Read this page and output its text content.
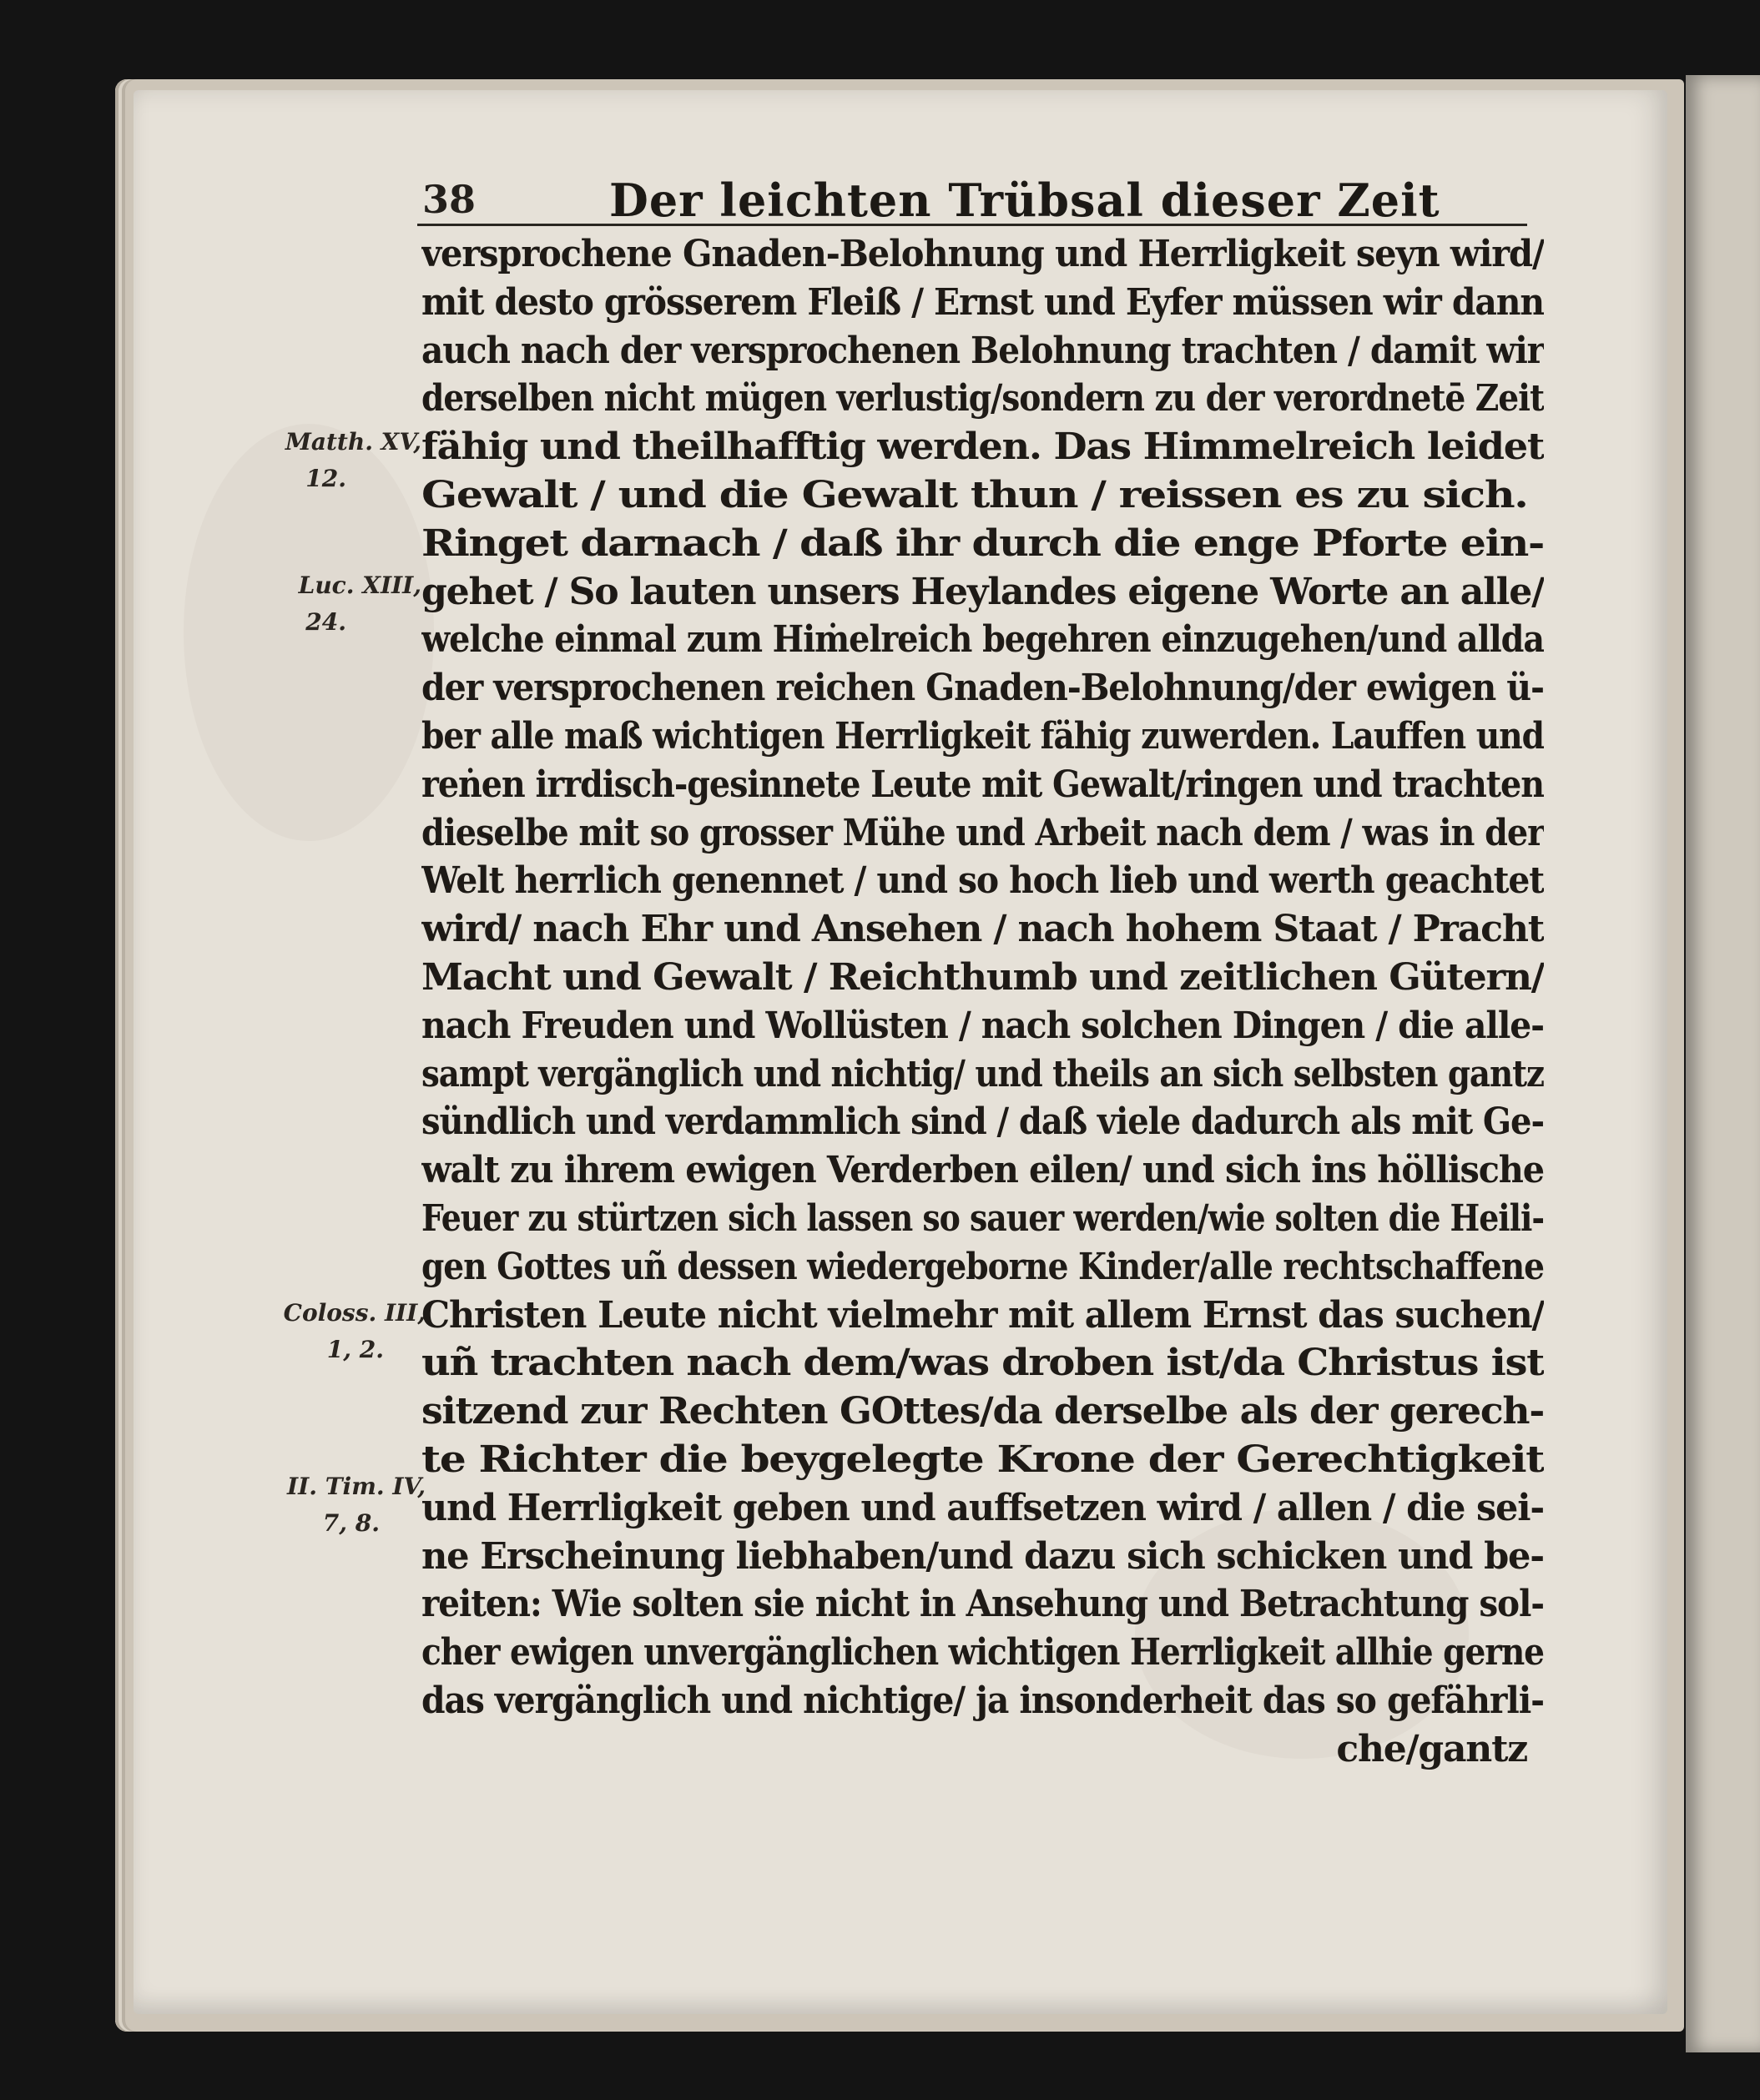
38	Der leichten Trübsal dieser Zeit
Matth. XV,
12.
Luc. XIII,
24.
Coloss. III,
1, 2.
II. Tim. IV,
7, 8.
versprochene Gnaden-Belohnung und Herrligkeit seyn wird/
mit desto grösserem Fleiß / Ernst und Eyfer müssen wir dann
auch nach der versprochenen Belohnung trachten / damit wir
derselben nicht mügen verlustig/sondern zu der verordnetē Zeit
fähig und theilhafftig werden. Das Himmelreich leidet
Gewalt / und die Gewalt thun / reissen es zu sich.
Ringet darnach / daß ihr durch die enge Pforte ein-
gehet / So lauten unsers Heylandes eigene Worte an alle/
welche einmal zum Hiṁelreich begehren einzugehen/und allda
der versprochenen reichen Gnaden-Belohnung/der ewigen ü-
ber alle maß wichtigen Herrligkeit fähig zuwerden. Lauffen und
reṅen irrdisch-gesinnete Leute mit Gewalt/ringen und trachten
dieselbe mit so grosser Mühe und Arbeit nach dem / was in der
Welt herrlich genennet / und so hoch lieb und werth geachtet
wird/ nach Ehr und Ansehen / nach hohem Staat / Pracht
Macht und Gewalt / Reichthumb und zeitlichen Gütern/
nach Freuden und Wollüsten / nach solchen Dingen / die alle-
sampt vergänglich und nichtig/ und theils an sich selbsten gantz
sündlich und verdammlich sind / daß viele dadurch als mit Ge-
walt zu ihrem ewigen Verderben eilen/ und sich ins höllische
Feuer zu stürtzen sich lassen so sauer werden/wie solten die Heili-
gen Gottes uñ dessen wiedergeborne Kinder/alle rechtschaffene
Christen Leute nicht vielmehr mit allem Ernst das suchen/
uñ trachten nach dem/was droben ist/da Christus ist
sitzend zur Rechten GOttes/da derselbe als der gerech-
te Richter die beygelegte Krone der Gerechtigkeit
und Herrligkeit geben und auffsetzen wird / allen / die sei-
ne Erscheinung liebhaben/und dazu sich schicken und be-
reiten: Wie solten sie nicht in Ansehung und Betrachtung sol-
cher ewigen unvergänglichen wichtigen Herrligkeit allhie gerne
das vergänglich und nichtige/ ja insonderheit das so gefährli-
che/gantz
